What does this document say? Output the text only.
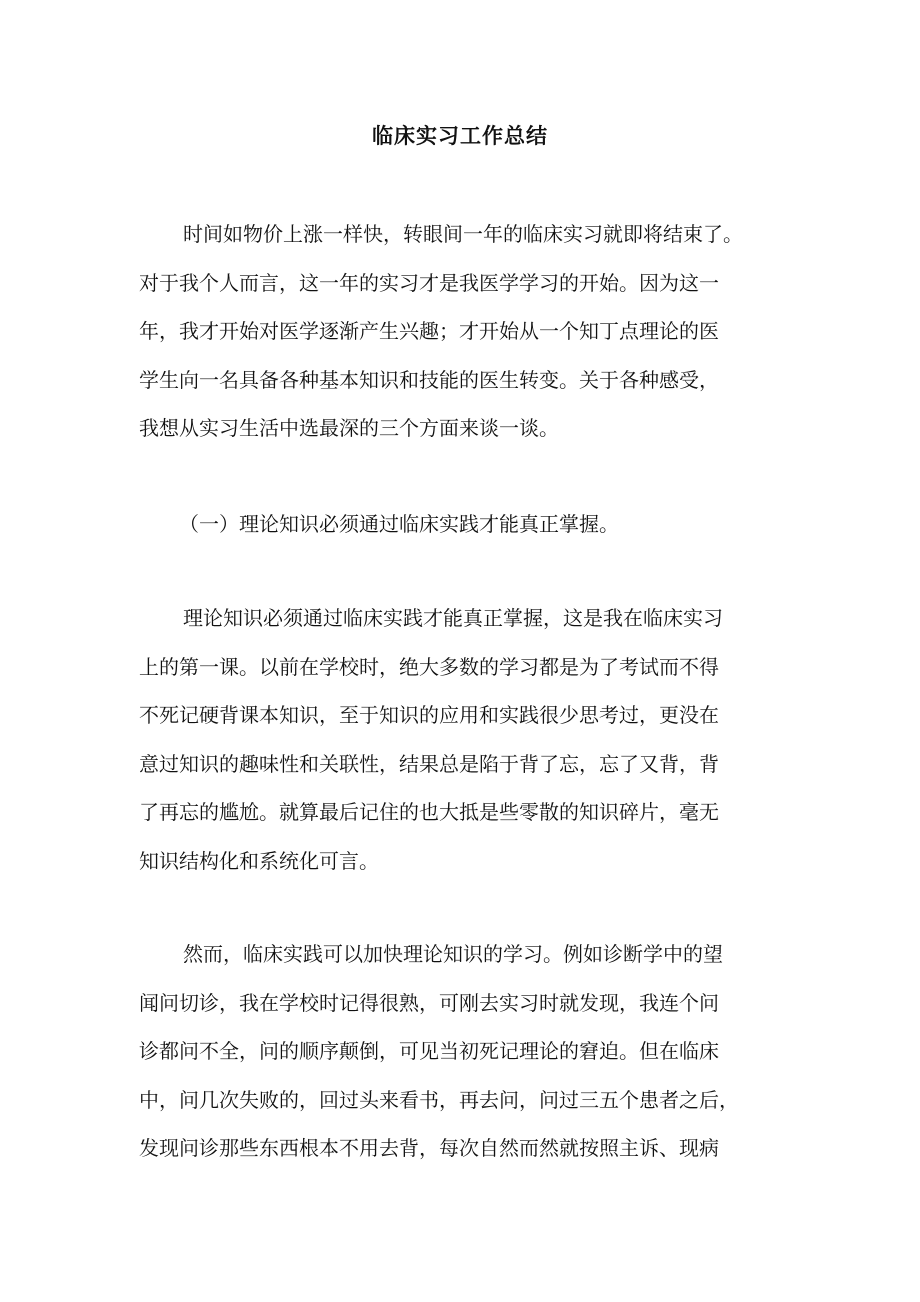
临床实习工作总结
时间如物价上涨一样快，转眼间一年的临床实习就即将结束了。
对于我个人而言，这一年的实习才是我医学学习的开始。因为这一
年，我才开始对医学逐渐产生兴趣；才开始从一个知丁点理论的医
学生向一名具备各种基本知识和技能的医生转变。关于各种感受，
我想从实习生活中选最深的三个方面来谈一谈。
（一）理论知识必须通过临床实践才能真正掌握。
理论知识必须通过临床实践才能真正掌握，这是我在临床实习
上的第一课。以前在学校时，绝大多数的学习都是为了考试而不得
不死记硬背课本知识，至于知识的应用和实践很少思考过，更没在
意过知识的趣味性和关联性，结果总是陷于背了忘，忘了又背，背
了再忘的尴尬。就算最后记住的也大抵是些零散的知识碎片，毫无
知识结构化和系统化可言。
然而，临床实践可以加快理论知识的学习。例如诊断学中的望
闻问切诊，我在学校时记得很熟，可刚去实习时就发现，我连个问
诊都问不全，问的顺序颠倒，可见当初死记理论的窘迫。但在临床
中，问几次失败的，回过头来看书，再去问，问过三五个患者之后，
发现问诊那些东西根本不用去背，每次自然而然就按照主诉、现病
